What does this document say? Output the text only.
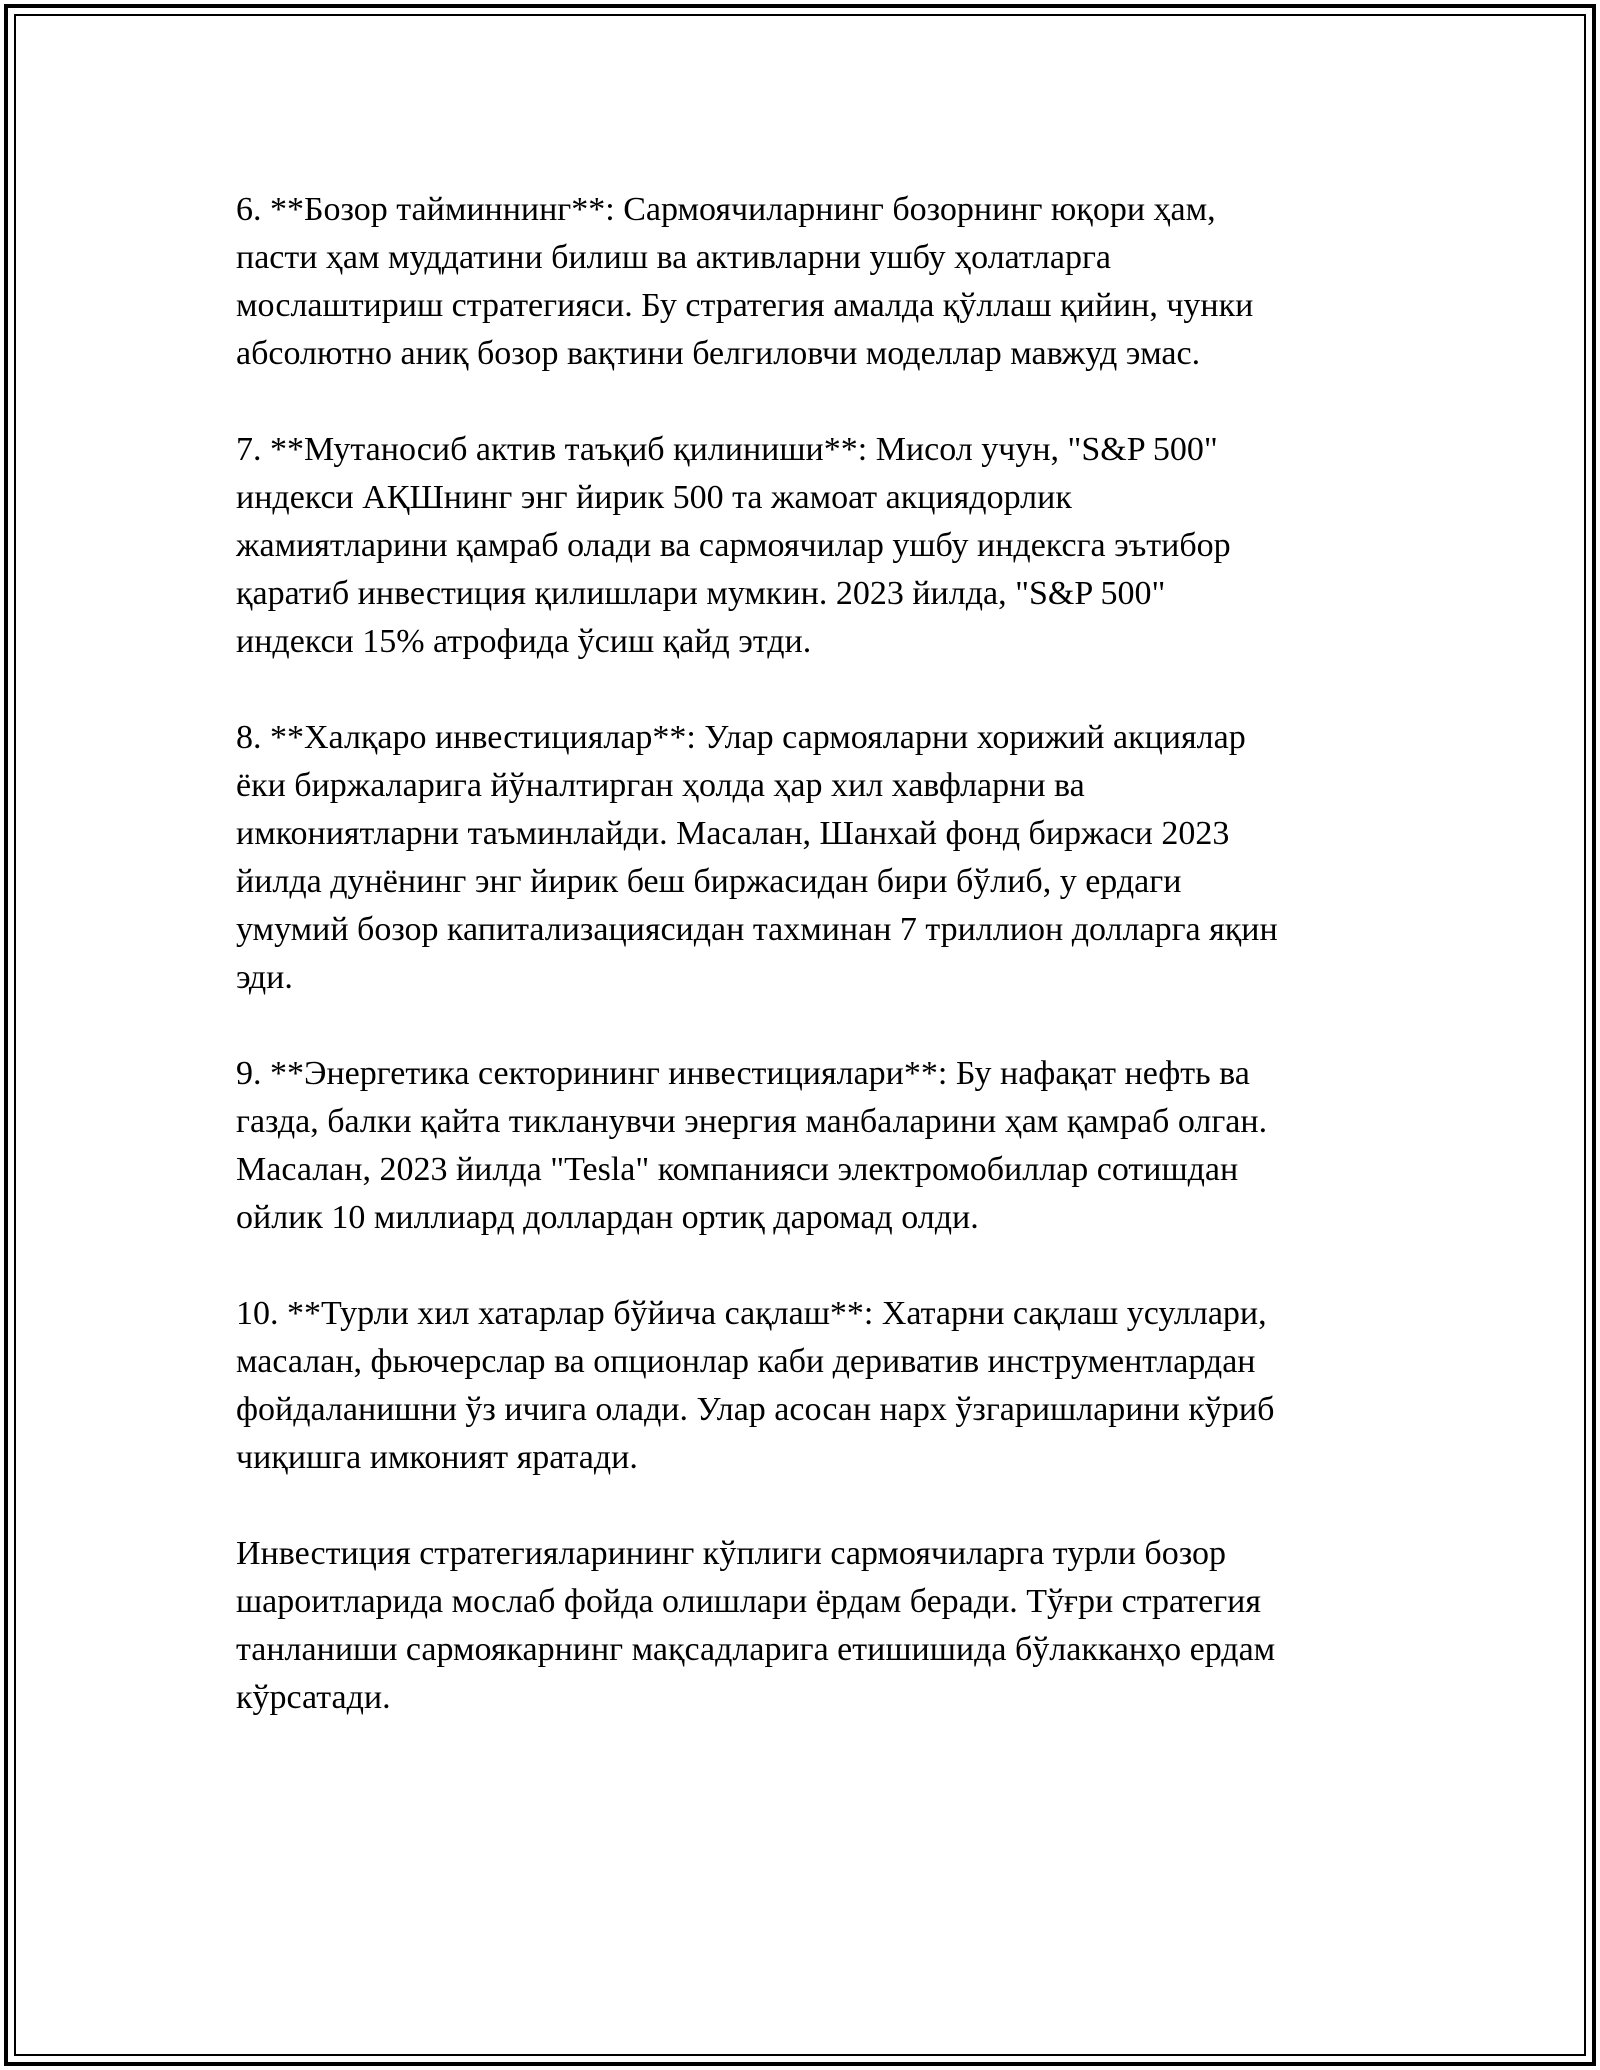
6. **Бозор тайминнинг**: Сармоячиларнинг бозорнинг юқори ҳам,
пасти ҳам муддатини билиш ва активларни ушбу ҳолатларга
мослаштириш стратегияси. Бу стратегия амалда қўллаш қийин, чунки
абсолютно аниқ бозор вақтини белгиловчи моделлар мавжуд эмас.

7. **Мутаносиб актив таъқиб қилиниши**: Мисол учун, "S&P 500"
индекси АҚШнинг энг йирик 500 та жамоат акциядорлик
жамиятларини қамраб олади ва сармоячилар ушбу индексга эътибор
қаратиб инвестиция қилишлари мумкин. 2023 йилда, "S&P 500"
индекси 15% атрофида ўсиш қайд этди.

8. **Халқаро инвестициялар**: Улар сармояларни хорижий акциялар
ёки биржаларига йўналтирган ҳолда ҳар хил хавфларни ва
имкониятларни таъминлайди. Масалан, Шанхай фонд биржаси 2023
йилда дунёнинг энг йирик беш биржасидан бири бўлиб, у ердаги
умумий бозор капитализациясидан тахминан 7 триллион долларга яқин
эди.

9. **Энергетика секторининг инвестициялари**: Бу нафақат нефть ва
газда, балки қайта тикланувчи энергия манбаларини ҳам қамраб олган.
Масалан, 2023 йилда "Tesla" компанияси электромобиллар сотишдан
ойлик 10 миллиард доллардан ортиқ даромад олди.

10. **Турли хил хатарлар бўйича сақлаш**: Хатарни сақлаш усуллари,
масалан, фьючерслар ва опционлар каби дериватив инструментлардан
фойдаланишни ўз ичига олади. Улар асосан нарх ўзгаришларини кўриб
чиқишга имконият яратади.

Инвестиция стратегияларининг кўплиги сармоячиларга турли бозор
шароитларида мослаб фойда олишлари ёрдам беради. Тўғри стратегия
танланиши сармоякарнинг мақсадларига етишишида бўлакканҳо ердам
кўрсатади.
